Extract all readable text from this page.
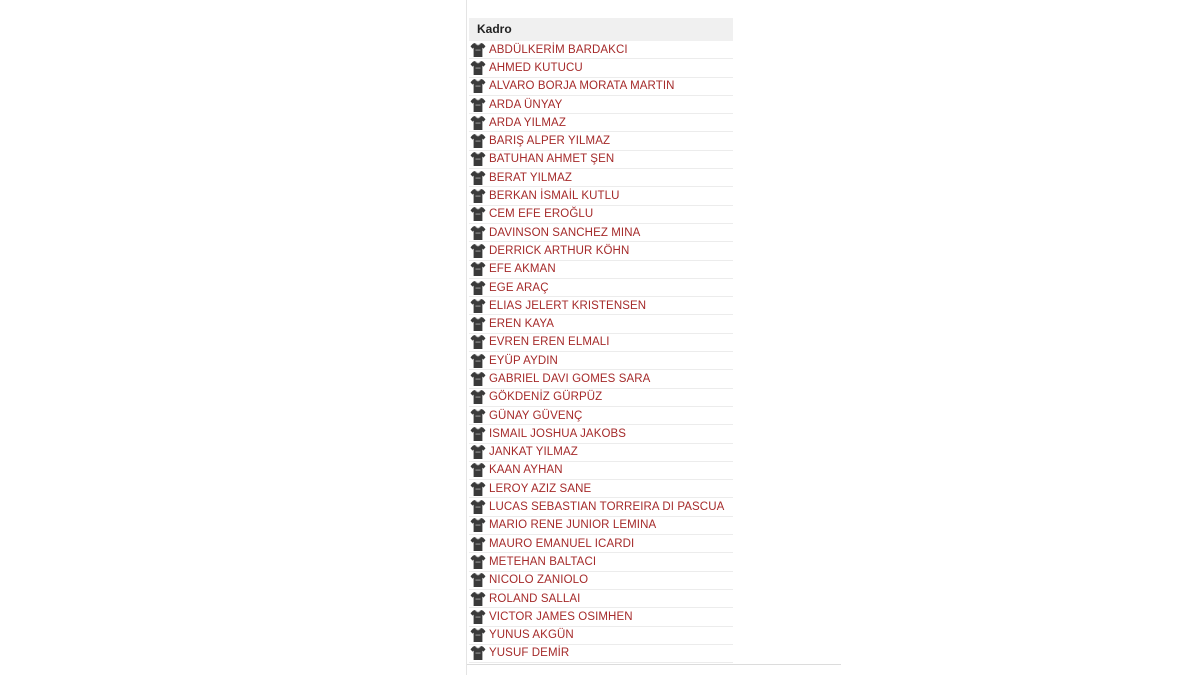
Kadro
ABDÜLKERİM BARDAKCI
AHMED KUTUCU
ALVARO BORJA MORATA MARTIN
ARDA ÜNYAY
ARDA YILMAZ
BARIŞ ALPER YILMAZ
BATUHAN AHMET ŞEN
BERAT YILMAZ
BERKAN İSMAİL KUTLU
CEM EFE EROĞLU
DAVINSON SANCHEZ MINA
DERRICK ARTHUR KÖHN
EFE AKMAN
EGE ARAÇ
ELIAS JELERT KRISTENSEN
EREN KAYA
EVREN EREN ELMALI
EYÜP AYDIN
GABRIEL DAVI GOMES SARA
GÖKDENİZ GÜRPÜZ
GÜNAY GÜVENÇ
ISMAIL JOSHUA JAKOBS
JANKAT YILMAZ
KAAN AYHAN
LEROY AZIZ SANE
LUCAS SEBASTIAN TORREIRA DI PASCUA
MARIO RENE JUNIOR LEMINA
MAURO EMANUEL ICARDI
METEHAN BALTACI
NICOLO ZANIOLO
ROLAND SALLAI
VICTOR JAMES OSIMHEN
YUNUS AKGÜN
YUSUF DEMİR
